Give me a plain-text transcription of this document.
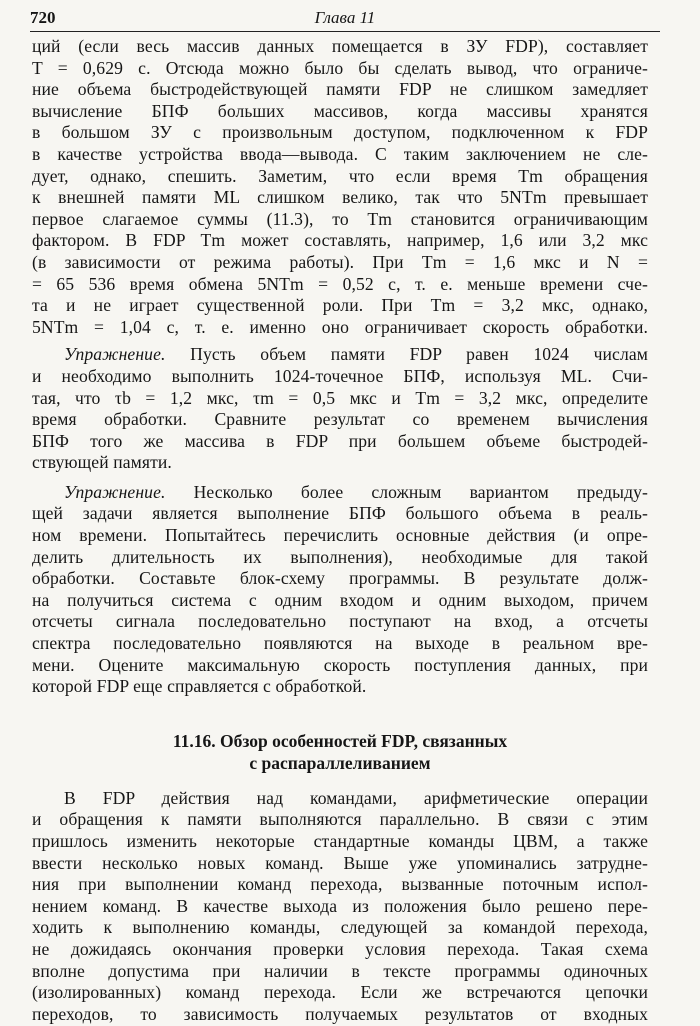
720	Глава 11

ций (если весь массив данных помещается в ЗУ FDP), составляет

T = 0,629 с. Отсюда можно было бы сделать вывод, что ограниче-

ние объема быстродействующей памяти FDP не слишком замедляет

вычисление БПФ больших массивов, когда массивы хранятся

в большом ЗУ с произвольным доступом, подключенном к FDP

в качестве устройства ввода—вывода. С таким заключением не сле-

дует, однако, спешить. Заметим, что если время Tm обращения

к внешней памяти ML слишком велико, так что 5NTm превышает

первое слагаемое суммы (11.3), то Tm становится ограничивающим

фактором. В FDP Tm может составлять, например, 1,6 или 3,2 мкс

(в зависимости от режима работы). При Tm = 1,6 мкс и N =

= 65 536 время обмена 5NTm = 0,52 с, т. е. меньше времени сче-

та и не играет существенной роли. При Tm = 3,2 мкс, однако,

5NTm = 1,04 с, т. е. именно оно ограничивает скорость обработки.

Упражнение. Пусть объем памяти FDP равен 1024 числам

и необходимо выполнить 1024-точечное БПФ, используя ML. Счи-

тая, что τb = 1,2 мкс, τm = 0,5 мкс и Tm = 3,2 мкс, определите

время обработки. Сравните результат со временем вычисления

БПФ того же массива в FDP при большем объеме быстродей-

ствующей памяти.

Упражнение. Несколько более сложным вариантом предыду-

щей задачи является выполнение БПФ большого объема в реаль-

ном времени. Попытайтесь перечислить основные действия (и опре-

делить длительность их выполнения), необходимые для такой

обработки. Составьте блок-схему программы. В результате долж-

на получиться система с одним входом и одним выходом, причем

отсчеты сигнала последовательно поступают на вход, а отсчеты

спектра последовательно появляются на выходе в реальном вре-

мени. Оцените максимальную скорость поступления данных, при

которой FDP еще справляется с обработкой.

11.16. Обзор особенностей FDP, связанных

с распараллеливанием

В FDP действия над командами, арифметические операции

и обращения к памяти выполняются параллельно. В связи с этим

пришлось изменить некоторые стандартные команды ЦВМ, а также

ввести несколько новых команд. Выше уже упоминались затрудне-

ния при выполнении команд перехода, вызванные поточным испол-

нением команд. В качестве выхода из положения было решено пере-

ходить к выполнению команды, следующей за командой перехода,

не дожидаясь окончания проверки условия перехода. Такая схема

вполне допустима при наличии в тексте программы одиночных

(изолированных) команд перехода. Если же встречаются цепочки

переходов, то зависимость получаемых результатов от входных
